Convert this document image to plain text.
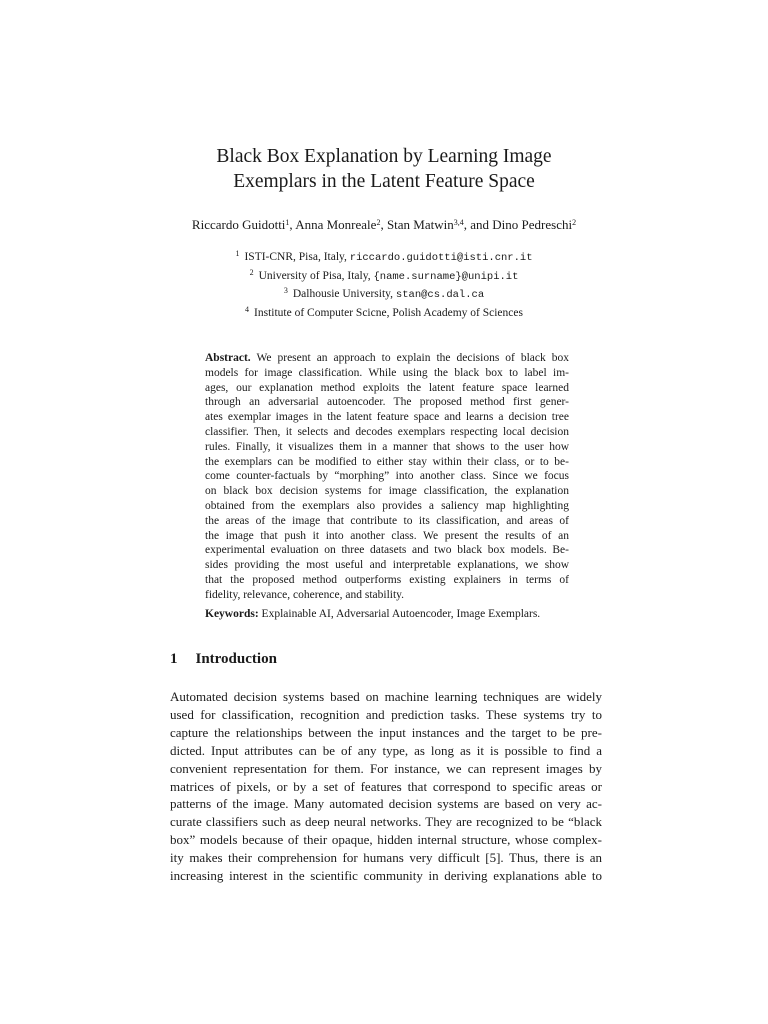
Black Box Explanation by Learning Image
Exemplars in the Latent Feature Space
Riccardo Guidotti$^1$, Anna Monreale$^2$, Stan Matwin$^{3,4}$, and Dino Pedreschi$^2$
$^1$ ISTI-CNR, Pisa, Italy, riccardo.guidotti@isti.cnr.it
$^2$ University of Pisa, Italy, {name.surname}@unipi.it
$^3$ Dalhousie University, stan@cs.dal.ca
$^4$ Institute of Computer Scicne, Polish Academy of Sciences
Abstract. We present an approach to explain the decisions of black box
models for image classification. While using the black box to label im-
ages, our explanation method exploits the latent feature space learned
through an adversarial autoencoder. The proposed method first gener-
ates exemplar images in the latent feature space and learns a decision tree
classifier. Then, it selects and decodes exemplars respecting local decision
rules. Finally, it visualizes them in a manner that shows to the user how
the exemplars can be modified to either stay within their class, or to be-
come counter-factuals by “morphing” into another class. Since we focus
on black box decision systems for image classification, the explanation
obtained from the exemplars also provides a saliency map highlighting
the areas of the image that contribute to its classification, and areas of
the image that push it into another class. We present the results of an
experimental evaluation on three datasets and two black box models. Be-
sides providing the most useful and interpretable explanations, we show
that the proposed method outperforms existing explainers in terms of
fidelity, relevance, coherence, and stability.
Keywords: Explainable AI, Adversarial Autoencoder, Image Exemplars.
1 Introduction
Automated decision systems based on machine learning techniques are widely
used for classification, recognition and prediction tasks. These systems try to
capture the relationships between the input instances and the target to be pre-
dicted. Input attributes can be of any type, as long as it is possible to find a
convenient representation for them. For instance, we can represent images by
matrices of pixels, or by a set of features that correspond to specific areas or
patterns of the image. Many automated decision systems are based on very ac-
curate classifiers such as deep neural networks. They are recognized to be “black
box” models because of their opaque, hidden internal structure, whose complex-
ity makes their comprehension for humans very difficult [5]. Thus, there is an
increasing interest in the scientific community in deriving explanations able to
